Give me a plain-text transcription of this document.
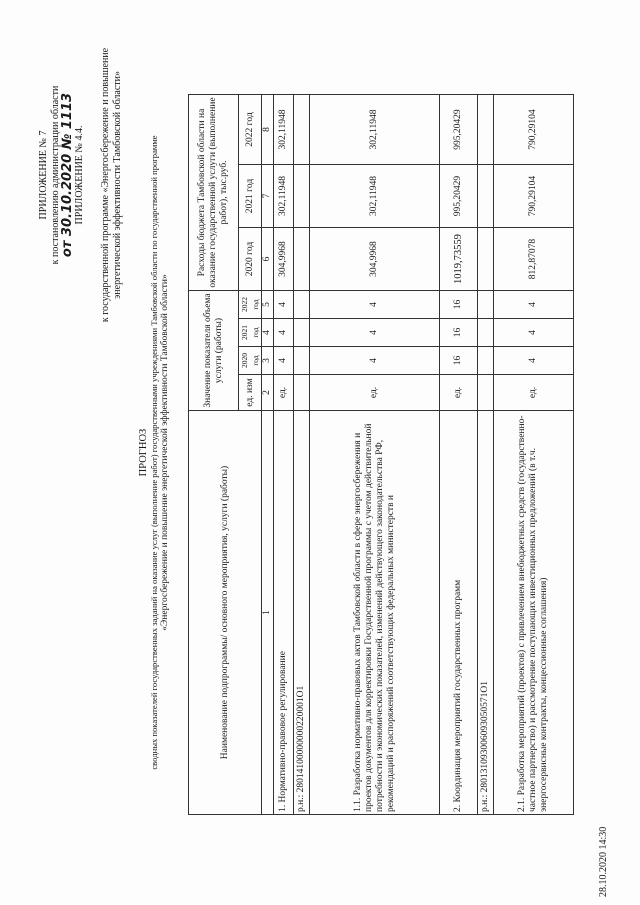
ПРИЛОЖЕНИЕ № 7 к постановлению администрации области от 30.10.2020 № 1113 ПРИЛОЖЕНИЕ № 4.4. к государственной программе «Энергосбережение и повышение энергетической эффективности Тамбовской области»
ПРОГНОЗ сводных показателей государственных заданий на оказание услуг (выполнение работ) государственными учреждениями Тамбовской области по государственной программе «Энергосбережение и повышение энергетической эффективности Тамбовской области»	Наименование подпрограммы/ основного мероприятия, услуги (работы)	Значение показателя объема услуги (работы)				Расходы бюджета Тамбовской области на оказание государственной услуги (выполнение работ), тыс.руб.		
	ед. изм	2020 год	2021 год	2022 год	2020 год	2021 год	2022 год
1	2	3	4	5	6	7	8
1. Нормативно-правовое регулирование	ед.	4	4	4	304,9968	302,11948	302,11948
р.н.: 28014100000000220001О1							
1.1. Разработка нормативно-правовых актов Тамбовской области в сфере энергосбережения и проектов документов для корректировки Государственной программы с учетом действительной потребности и экономических показателей, изменений действующего законодательства РФ, рекомендаций и распоряжений соответствующих федеральных министерств и	ед.	4	4	4	304,9968	302,11948	302,11948
2. Координация мероприятий государственных программ	ед.	16	16	16	1019,73559	995,20429	995,20429
р.н.: 280131093006093050571О1							
2.1. Разработка мероприятий (проектов) с привлечением внебюджетных средств (государственно-частное партнерство) и рассмотрение поступающих инвестиционных предложений (в т.ч. энергосервисные контракты, концессионные соглашения)	ед.	4	4	4	812,87078	790,29104	790,29104
28.10.2020 14:30
